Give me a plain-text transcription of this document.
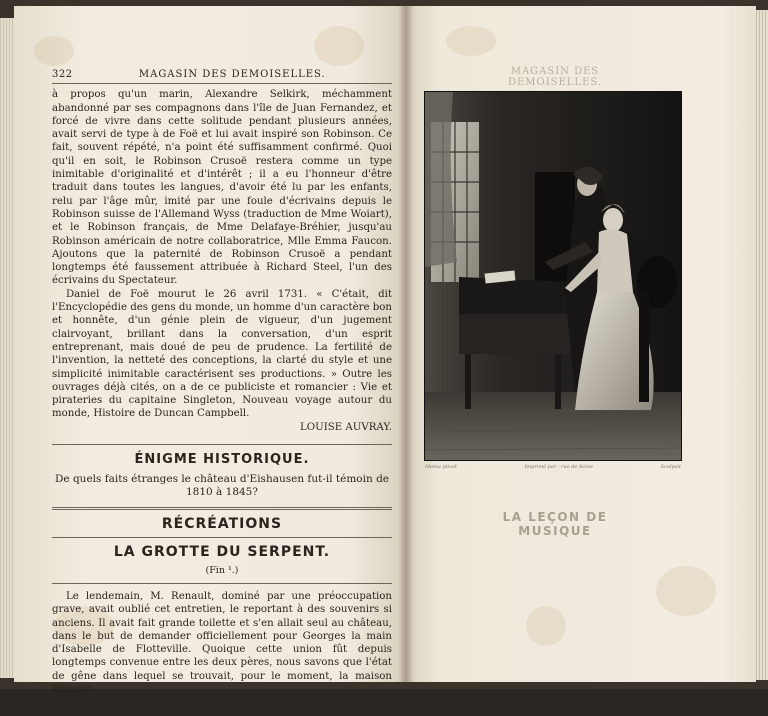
322	MAGASIN DES DEMOISELLES.

à propos qu'un marin, Alexandre Selkirk, méchamment abandonné par ses compagnons dans l'île de Juan Fernandez, et forcé de vivre dans cette solitude pendant plusieurs années, avait servi de type à de Foë et lui avait inspiré son Robinson. Ce fait, souvent répété, n'a point été suffisamment confirmé. Quoi qu'il en soit, le Robinson Crusoë restera comme un type inimitable d'originalité et d'intérêt ; il a eu l'honneur d'être traduit dans toutes les langues, d'avoir été lu par les enfants, relu par l'âge mûr, imité par une foule d'écrivains depuis le Robinson suisse de l'Allemand Wyss (traduction de Mme Woiart), et le Robinson français, de Mme Delafaye-Bréhier, jusqu'au Robinson américain de notre collaboratrice, Mlle Emma Faucon. Ajoutons que la paternité de Robinson Crusoë a pendant longtemps été faussement attribuée à Richard Steel, l'un des écrivains du Spectateur.

Daniel de Foë mourut le 26 avril 1731. « C'était, dit l'Encyclopédie des gens du monde, un homme d'un caractère bon et honnête, d'un génie plein de vigueur, d'un jugement clairvoyant, brillant dans la conversation, d'un esprit entreprenant, mais doué de peu de prudence. La fertilité de l'invention, la netteté des conceptions, la clarté du style et une simplicité inimitable caractérisent ses productions. » Outre les ouvrages déjà cités, on a de ce publiciste et romancier : Vie et pirateries du capitaine Singleton, Nouveau voyage autour du monde, Histoire de Duncan Campbell.

LOUISE AUVRAY.

ÉNIGME HISTORIQUE.
De quels faits étranges le château d'Eishausen fut-il témoin de 1810 à 1845?
RÉCRÉATIONS
LA GROTTE DU SERPENT.
(Fin ¹.)

Le lendemain, M. Renault, dominé par une préoccupation grave, avait oublié cet entretien, le reportant à des souvenirs si anciens. Il avait fait grande toilette et s'en allait seul au château, dans le but de demander officiellement pour Georges la main d'Isabelle de Flotteville. Quoique cette union fût depuis longtemps convenue entre les deux pères, nous savons que l'état de gêne dans lequel se trouvait, pour le moment, la maison Renault

¹ Voir p. 292.
MAGASIN DES DEMOISELLES.
Metsu pinxit	Imprimé par · rue de Seine	Sculpsit
LA LEÇON DE MUSIQUE
